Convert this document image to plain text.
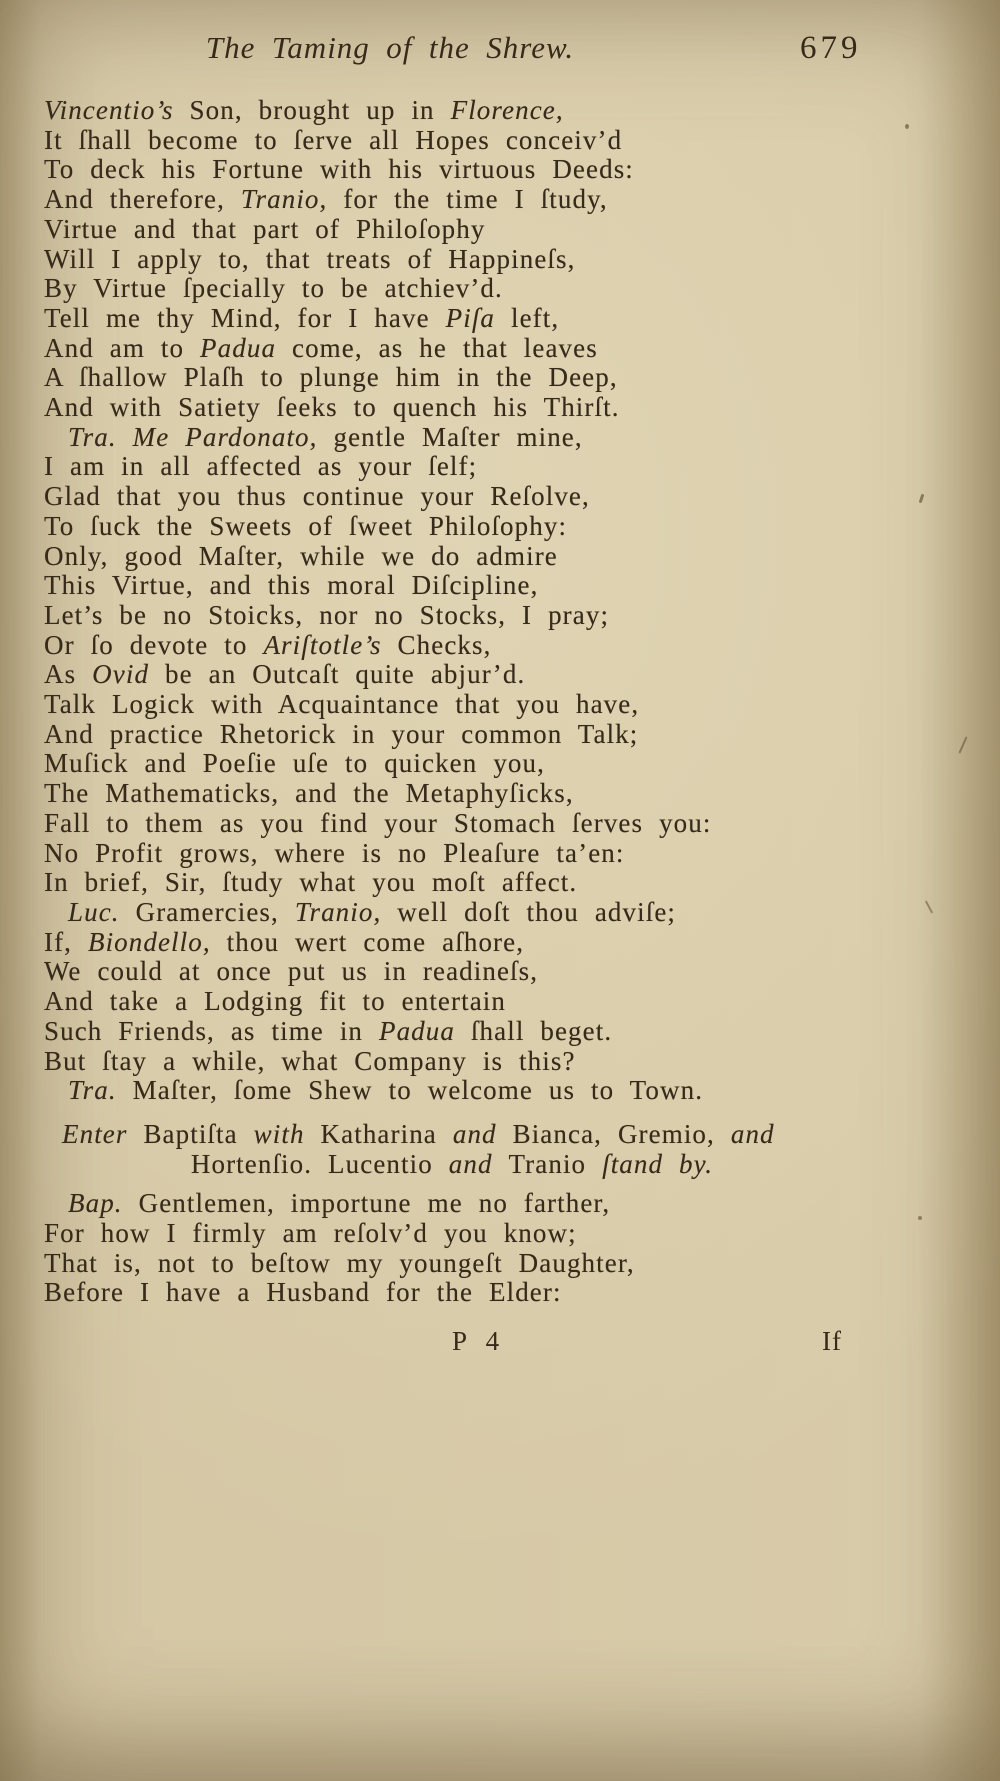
The Taming of the Shrew.	679
Vincentio’s Son, brought up in Florence,
It ſhall become to ſerve all Hopes conceiv’d
To deck his Fortune with his virtuous Deeds:
And therefore, Tranio, for the time I ſtudy,
Virtue and that part of Philoſophy
Will I apply to, that treats of Happineſs,
By Virtue ſpecially to be atchiev’d.
Tell me thy Mind, for I have Piſa left,
And am to Padua come, as he that leaves
A ſhallow Plaſh to plunge him in the Deep,
And with Satiety ſeeks to quench his Thirſt.
Tra. Me Pardonato, gentle Maſter mine,
I am in all affected as your ſelf;
Glad that you thus continue your Reſolve,
To ſuck the Sweets of ſweet Philoſophy:
Only, good Maſter, while we do admire
This Virtue, and this moral Diſcipline,
Let’s be no Stoicks, nor no Stocks, I pray;
Or ſo devote to Ariſtotle’s Checks,
As Ovid be an Outcaſt quite abjur’d.
Talk Logick with Acquaintance that you have,
And practice Rhetorick in your common Talk;
Muſick and Poeſie uſe to quicken you,
The Mathematicks, and the Metaphyſicks,
Fall to them as you find your Stomach ſerves you:
No Profit grows, where is no Pleaſure ta’en:
In brief, Sir, ſtudy what you moſt affect.
Luc. Gramercies, Tranio, well doſt thou adviſe;
If, Biondello, thou wert come aſhore,
We could at once put us in readineſs,
And take a Lodging fit to entertain
Such Friends, as time in Padua ſhall beget.
But ſtay a while, what Company is this?
Tra. Maſter, ſome Shew to welcome us to Town.
Enter Baptiſta with Katharina and Bianca, Gremio, and
Hortenſio. Lucentio and Tranio ſtand by.
Bap. Gentlemen, importune me no farther,
For how I firmly am reſolv’d you know;
That is, not to beſtow my youngeſt Daughter,
Before I have a Husband for the Elder:
P 4	If
